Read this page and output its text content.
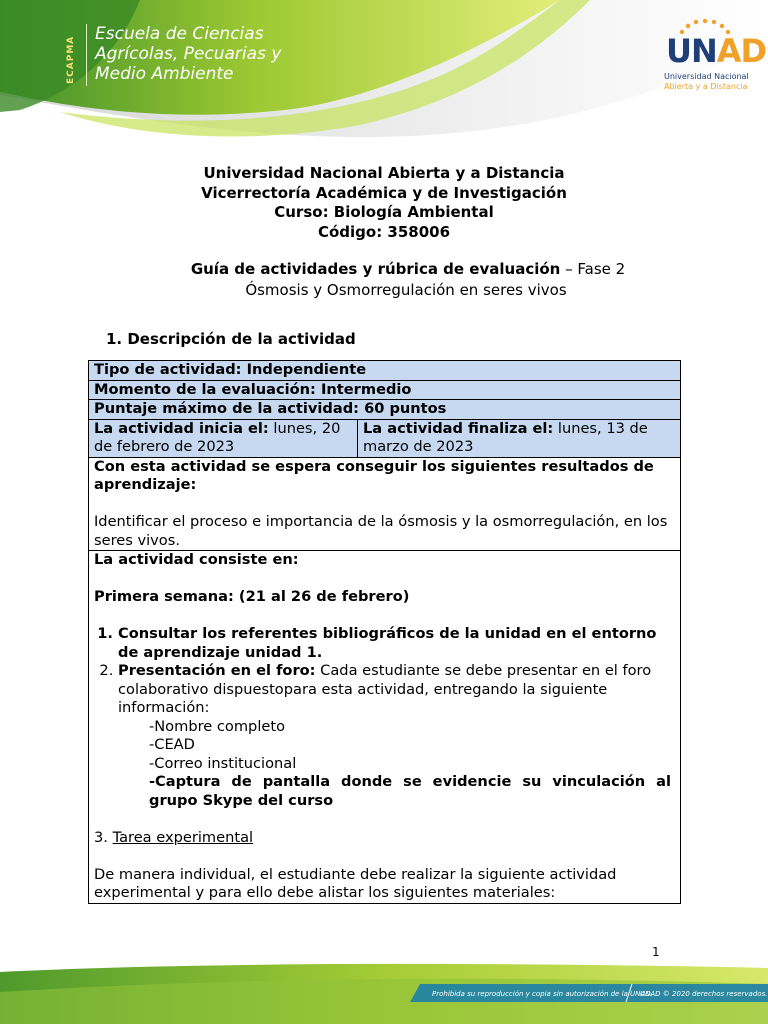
ECAPMA
Escuela de Ciencias
Agrícolas, Pecuarias y
Medio Ambiente
UNAD
Universidad Nacional
Abierta y a Distancia
Universidad Nacional Abierta y a Distancia
Vicerrectoría Académica y de Investigación
Curso: Biología Ambiental
Código: 358006
Guía de actividades y rúbrica de evaluación – Fase 2
Ósmosis y Osmorregulación en seres vivos
1. Descripción de la actividad
Tipo de actividad: Independiente
Momento de la evaluación: Intermedio
Puntaje máximo de la actividad: 60 puntos
La actividad inicia el: lunes, 20 de febrero de 2023	La actividad finaliza el: lunes, 13 de marzo de 2023

Con esta actividad se espera conseguir los siguientes resultados de aprendizaje:

Identificar el proceso e importancia de la ósmosis y la osmorregulación, en los seres vivos.

La actividad consiste en:

Primera semana: (21 al 26 de febrero)

1. Consultar los referentes bibliográficos de la unidad en el entorno de aprendizaje unidad 1.
2. Presentación en el foro: Cada estudiante se debe presentar en el foro colaborativo dispuestopara esta actividad, entregando la siguiente información:
-Nombre completo
-CEAD
-Correo institucional
-Captura de pantalla donde se evidencie su vinculación al grupo Skype del curso

3. Tarea experimental

De manera individual, el estudiante debe realizar la siguiente actividad experimental y para ello debe alistar los siguientes materiales:

1
Prohibida su reproducción y copia sin autorización de la UNAD.
UNAD © 2020 derechos reservados.
